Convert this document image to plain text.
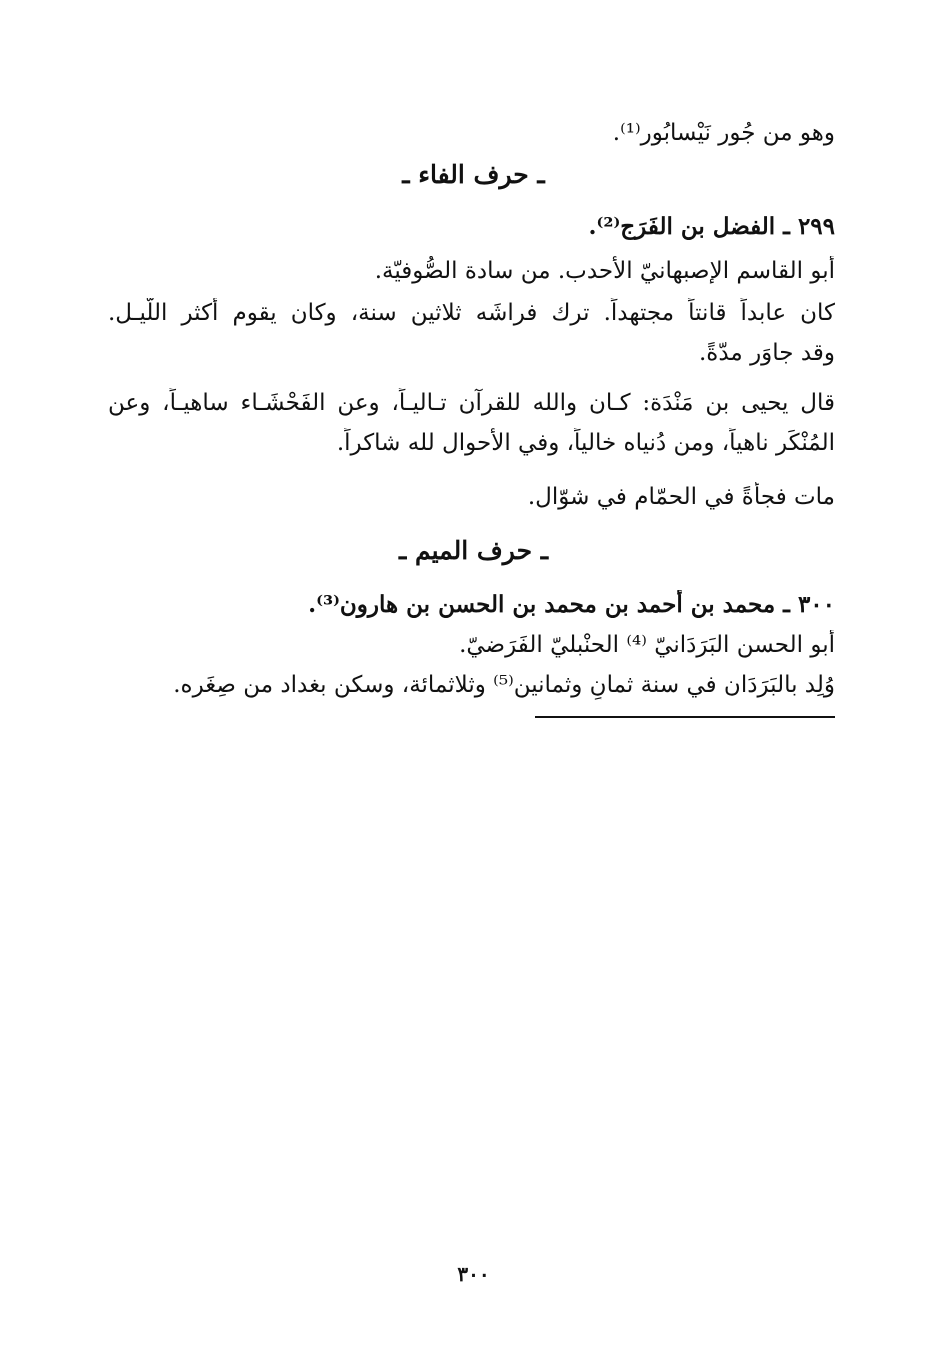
وهو من جُور نَيْسابُور⁽¹⁾.
ـ حرف الفاء ـ
٢٩٩ ـ الفضل بن الفَرَج⁽²⁾.
أبو القاسم الإصبهانيّ الأحدب. من سادة الصُّوفيّة.
كان عابداً قانتاً مجتهداً. ترك فراشَه ثلاثين سنة، وكان يقوم أكثر اللّيـل.
وقد جاوَر مدّةً.
قال يحيى بن مَنْدَة: كـان والله للقرآن تـاليـاً، وعن الفَحْشَـاء ساهيـاً، وعن
المُنْكَر ناهياً، ومن دُنياه خالياً، وفي الأحوال لله شاكراً.
مات فجأةً في الحمّام في شوّال.
ـ حرف الميم ـ
٣٠٠ ـ محمد بن أحمد بن محمد بن الحسن بن هارون⁽³⁾.
أبو الحسن البَرَدَانيّ ⁽⁴⁾ الحنْبليّ الفَرَضيّ.
وُلِد بالبَرَدَان في سنة ثمانٍ وثمانين⁽⁵⁾ وثلاثمائة، وسكن بغداد من صِغَره.
٣٠٠
